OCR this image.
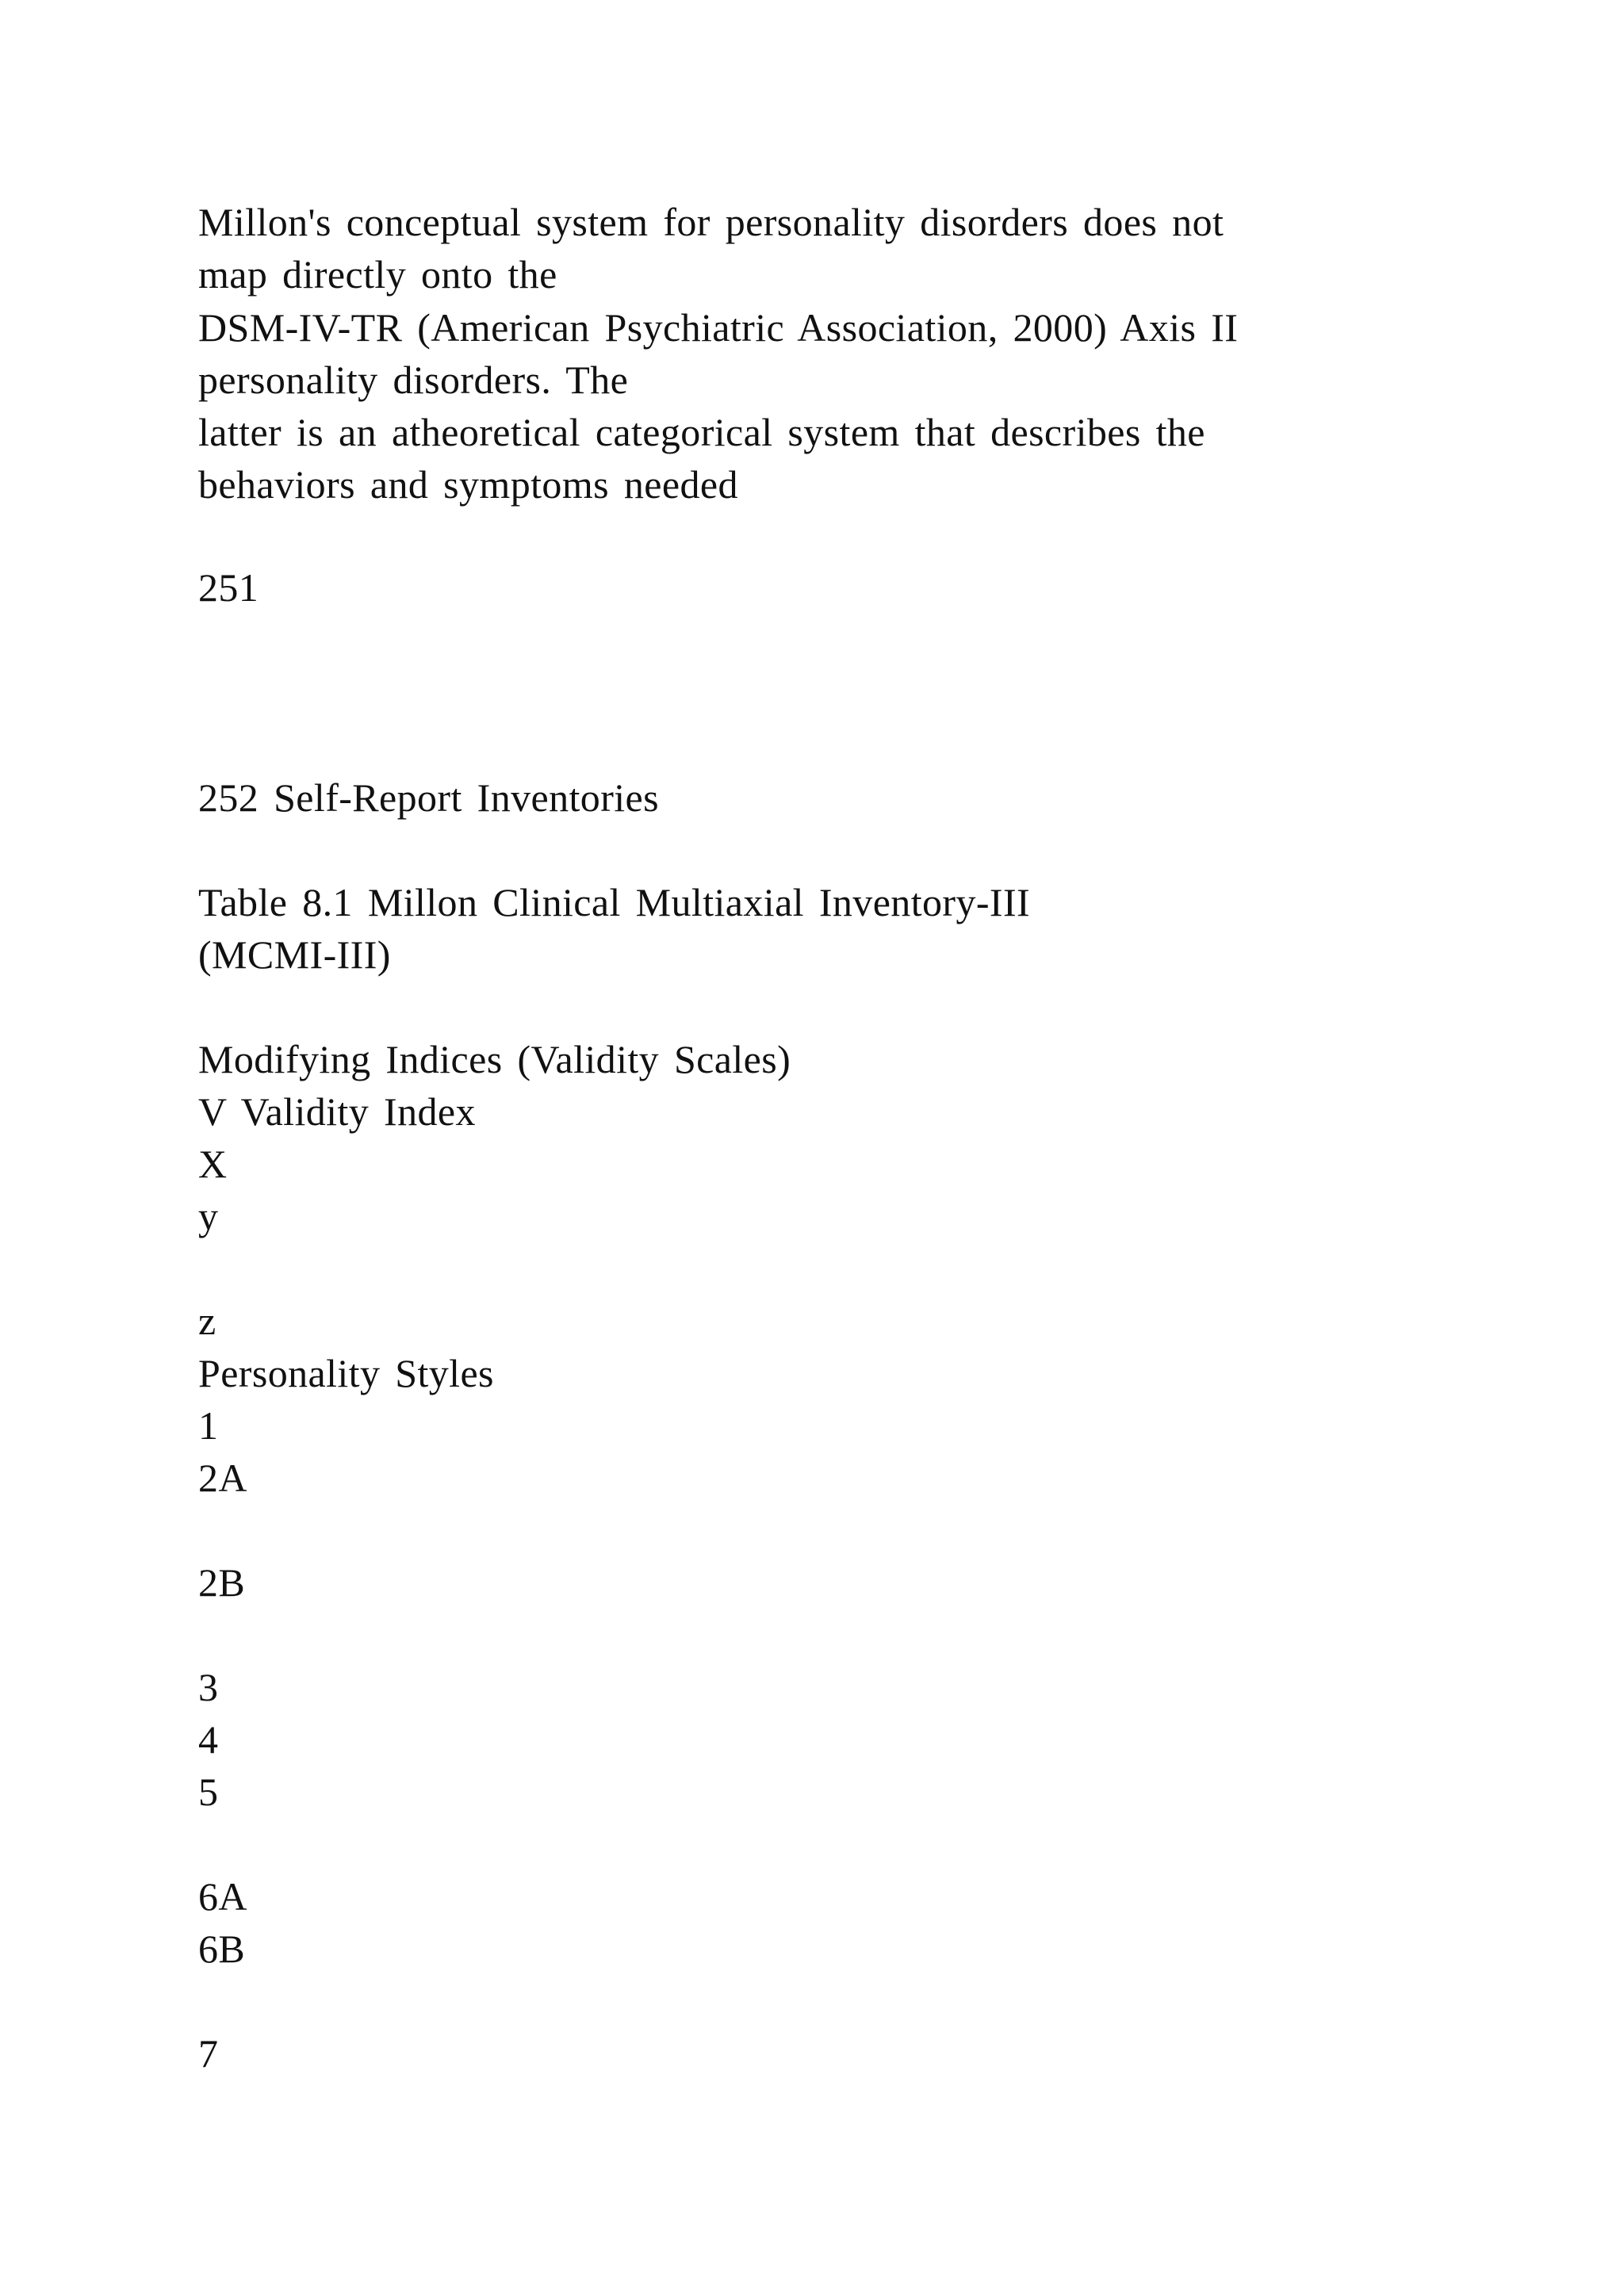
Millon's conceptual system for personality disorders does not
map directly onto the
DSM-IV-TR (American Psychiatric Association, 2000) Axis II
personality disorders. The
latter is an atheoretical categorical system that describes the
behaviors and symptoms needed
251
252 Self-Report Inventories
Table 8.1 Millon Clinical Multiaxial Inventory-III
(MCMI-III)
Modifying Indices (Validity Scales)
V Validity Index
X
y
z
Personality Styles
1
2A
2B
3
4
5
6A
6B
7
